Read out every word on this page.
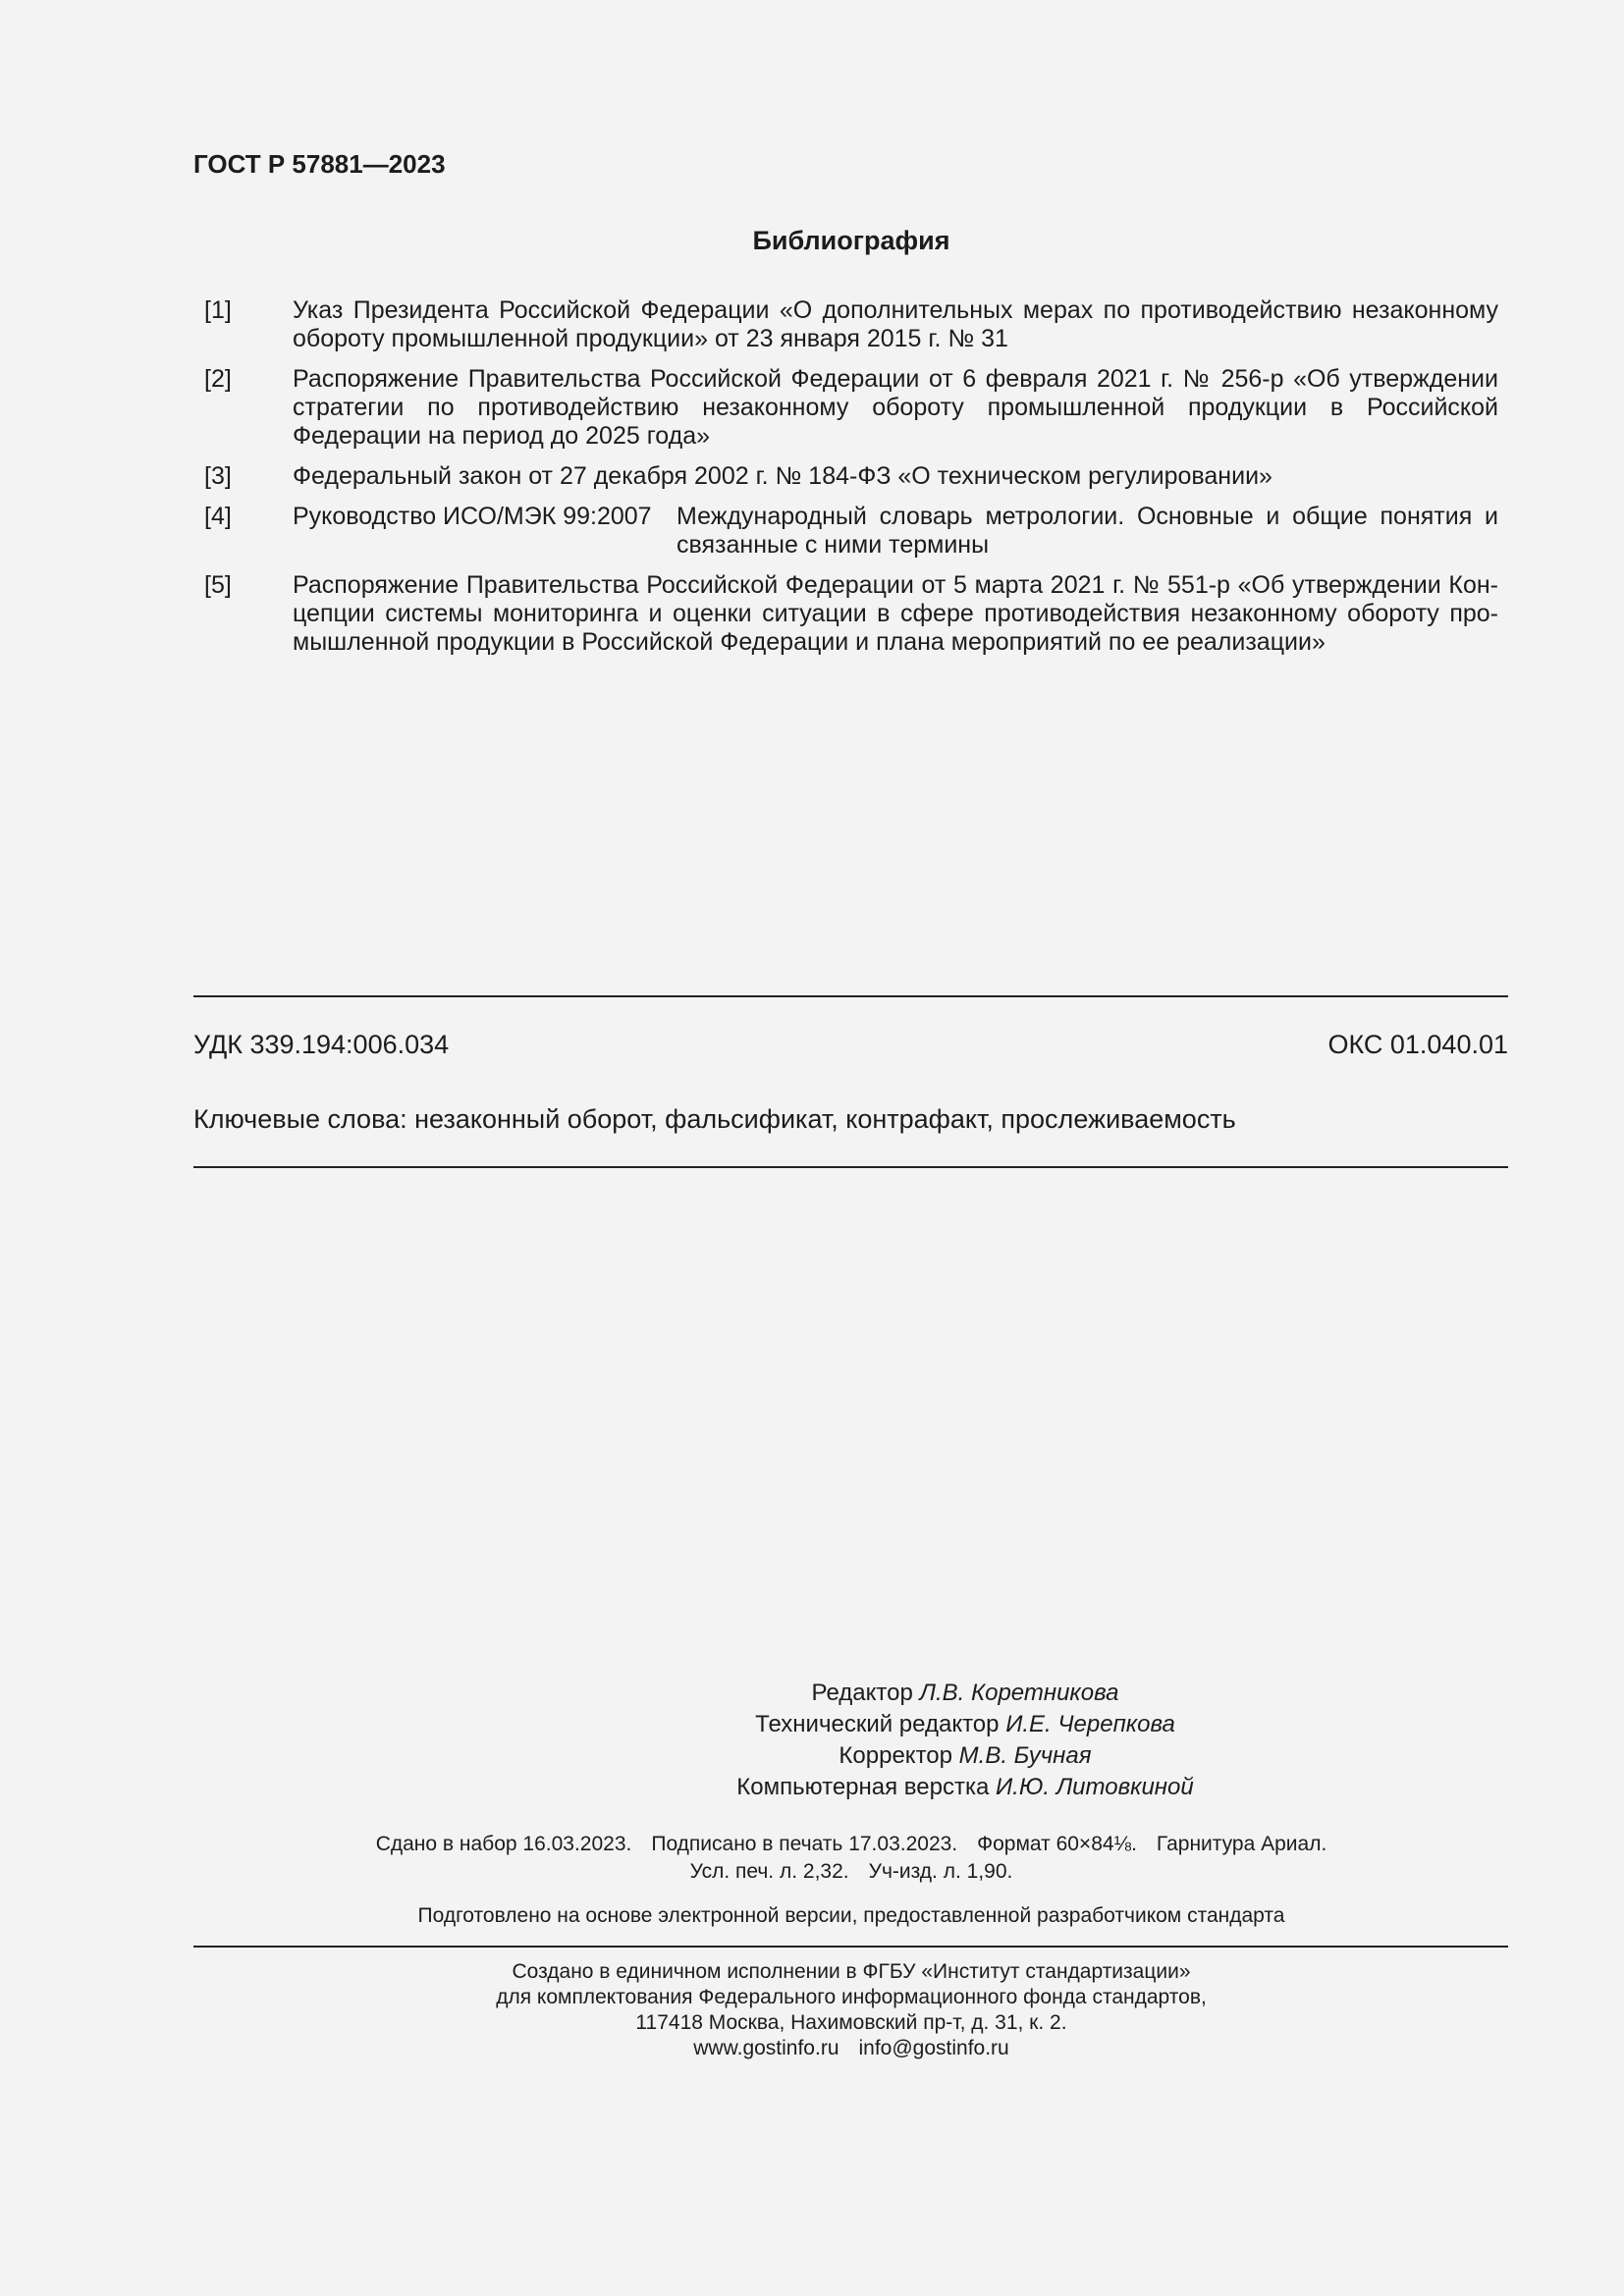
ГОСТ Р 57881—2023
Библиография
[1] Указ Президента Российской Федерации «О дополнительных мерах по противодействию незаконному обороту промышленной продукции» от 23 января 2015 г. № 31
[2] Распоряжение Правительства Российской Федерации от 6 февраля 2021 г. № 256-р «Об утверждении стратегии по противодействию незаконному обороту промышленной продукции в Российской Федерации на период до 2025 года»
[3] Федеральный закон от 27 декабря 2002 г. № 184-ФЗ «О техническом регулировании»
[4] Руководство ИСО/МЭК 99:2007	Международный словарь метрологии. Основные и общие понятия и связанные с ними термины
[5] Распоряжение Правительства Российской Федерации от 5 марта 2021 г. № 551-р «Об утверждении Концепции системы мониторинга и оценки ситуации в сфере противодействия незаконному обороту промышленной продукции в Российской Федерации и плана мероприятий по ее реализации»
УДК 339.194:006.034	ОКС 01.040.01
Ключевые слова: незаконный оборот, фальсификат, контрафакт, прослеживаемость
Редактор Л.В. Коретникова
Технический редактор И.Е. Черепкова
Корректор М.В. Бучная
Компьютерная верстка И.Ю. Литовкиной
Сдано в набор 16.03.2023. Подписано в печать 17.03.2023. Формат 60×84⅛. Гарнитура Ариал.
Усл. печ. л. 2,32. Уч-изд. л. 1,90.
Подготовлено на основе электронной версии, предоставленной разработчиком стандарта
Создано в единичном исполнении в ФГБУ «Институт стандартизации»
для комплектования Федерального информационного фонда стандартов,
117418 Москва, Нахимовский пр-т, д. 31, к. 2.
www.gostinfo.ru info@gostinfo.ru
